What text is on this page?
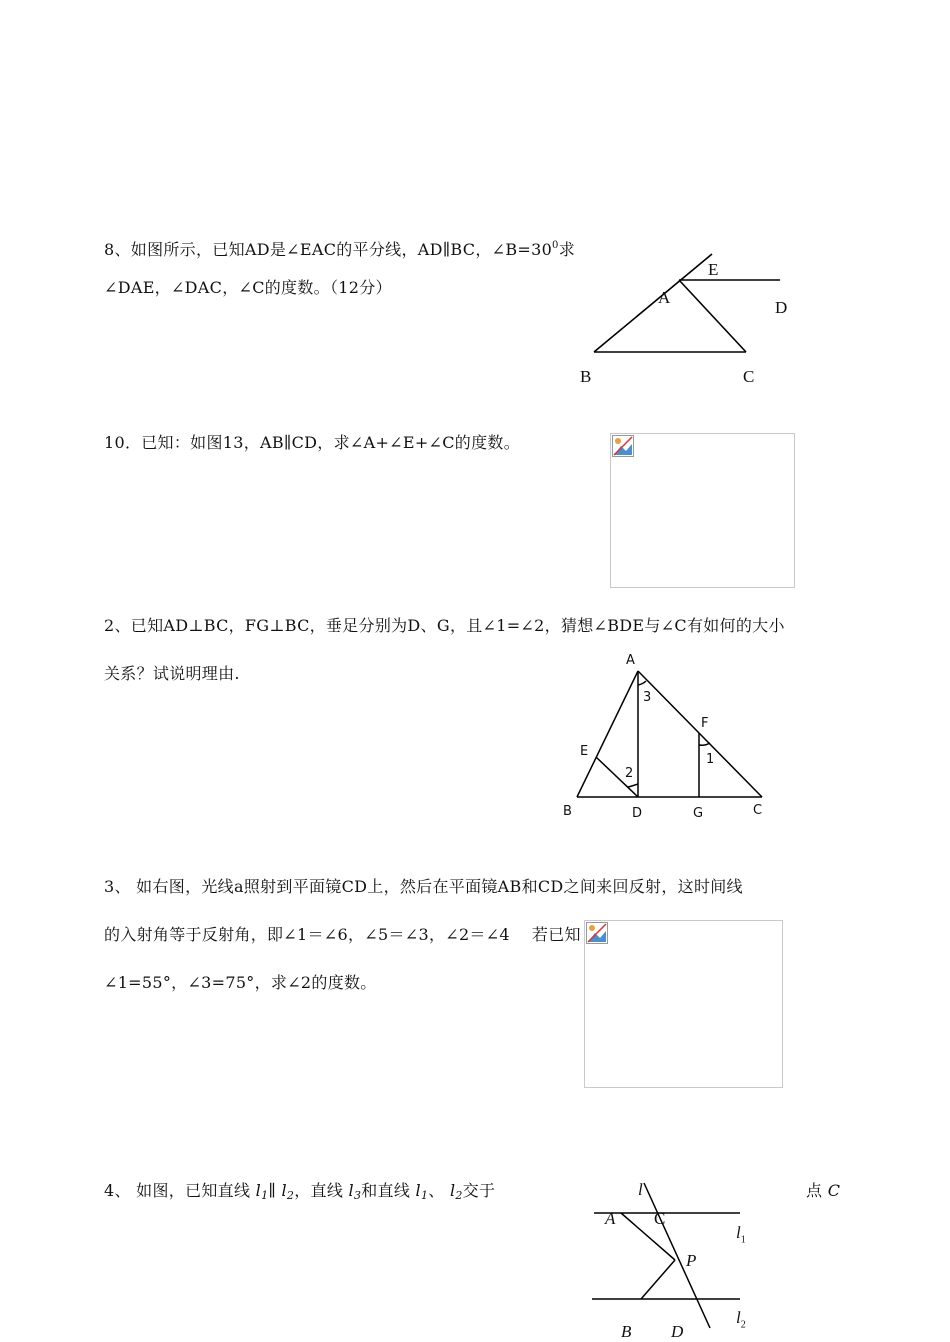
8、如图所示，已知AD是∠EAC的平分线，AD∥BC，$\angle B=30^0$求
∠DAE，∠DAC，∠C的度数。（12分）
E
A
D
B	C
10．已知：如图13，AB∥CD，求∠A+∠E+∠C的度数。
2、已知AD⊥BC，FG⊥BC，垂足分别为D、G，且∠1=∠2，猜想∠BDE与∠C有如何的大小
关系？试说明理由.
A
3
F
E
1
2
B	D	G	C
3、 如右图，光线a照射到平面镜CD上，然后在平面镜AB和CD之间来回反射，这时间线
的入射角等于反射角，即∠1＝∠6，∠5＝∠3，∠2＝∠4 若已知
∠1=55°，∠3=75°，求∠2的度数。
4、 如图，已知直线 $l_1\parallel$ $l_2$，直线 $l_3$和直线 $l_1$、 $l_2$交于	点 C
l
A C
$l_1$
P
$l_2$
B D
